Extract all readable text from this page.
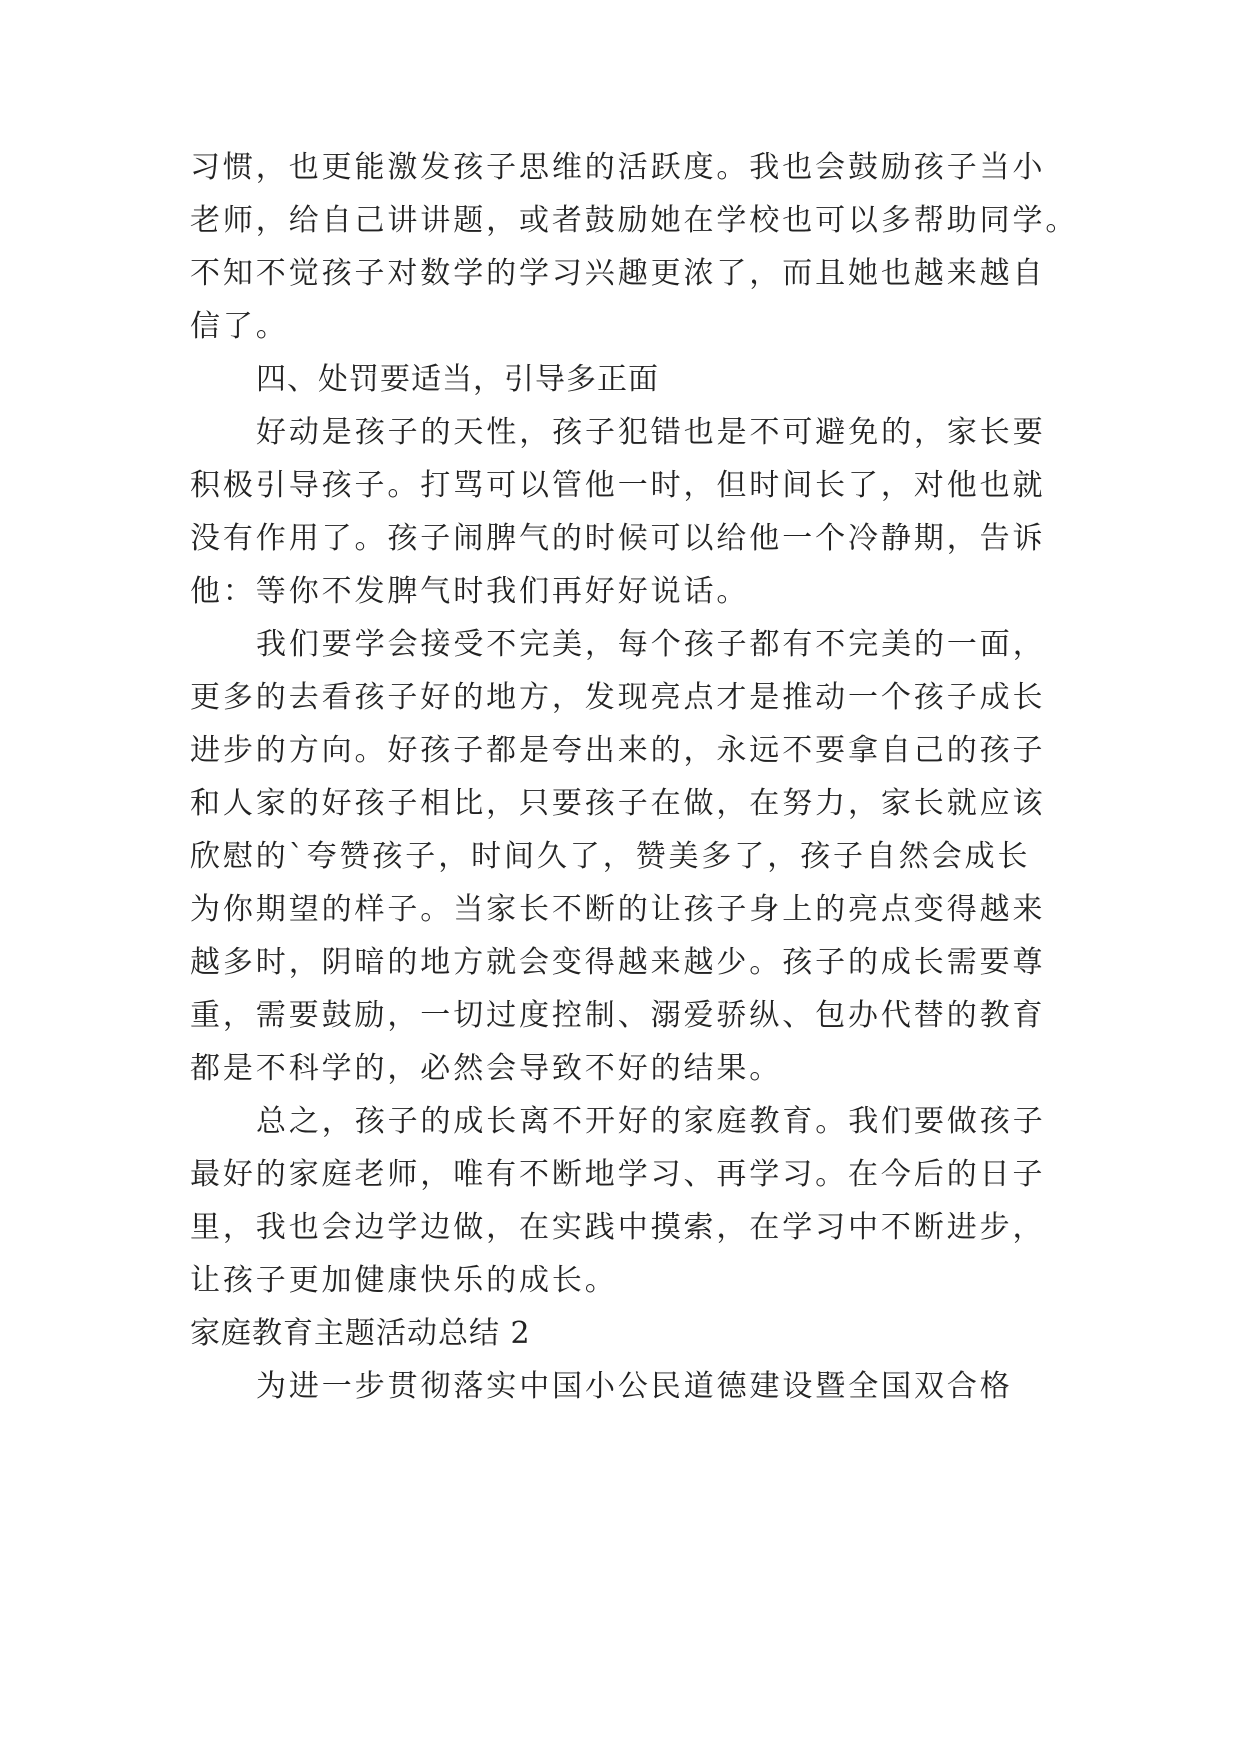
习惯，也更能激发孩子思维的活跃度。我也会鼓励孩子当小
老师，给自己讲讲题，或者鼓励她在学校也可以多帮助同学。
不知不觉孩子对数学的学习兴趣更浓了，而且她也越来越自
信了。
四、处罚要适当，引导多正面
好动是孩子的天性，孩子犯错也是不可避免的，家长要
积极引导孩子。打骂可以管他一时，但时间长了，对他也就
没有作用了。孩子闹脾气的时候可以给他一个冷静期，告诉
他：等你不发脾气时我们再好好说话。
我们要学会接受不完美，每个孩子都有不完美的一面，
更多的去看孩子好的地方，发现亮点才是推动一个孩子成长
进步的方向。好孩子都是夸出来的，永远不要拿自己的孩子
和人家的好孩子相比，只要孩子在做，在努力，家长就应该
欣慰的`夸赞孩子，时间久了，赞美多了，孩子自然会成长
为你期望的样子。当家长不断的让孩子身上的亮点变得越来
越多时，阴暗的地方就会变得越来越少。孩子的成长需要尊
重，需要鼓励，一切过度控制、溺爱骄纵、包办代替的教育
都是不科学的，必然会导致不好的结果。
总之，孩子的成长离不开好的家庭教育。我们要做孩子
最好的家庭老师，唯有不断地学习、再学习。在今后的日子
里，我也会边学边做，在实践中摸索，在学习中不断进步，
让孩子更加健康快乐的成长。
家庭教育主题活动总结 2
为进一步贯彻落实中国小公民道德建设暨全国双合格
